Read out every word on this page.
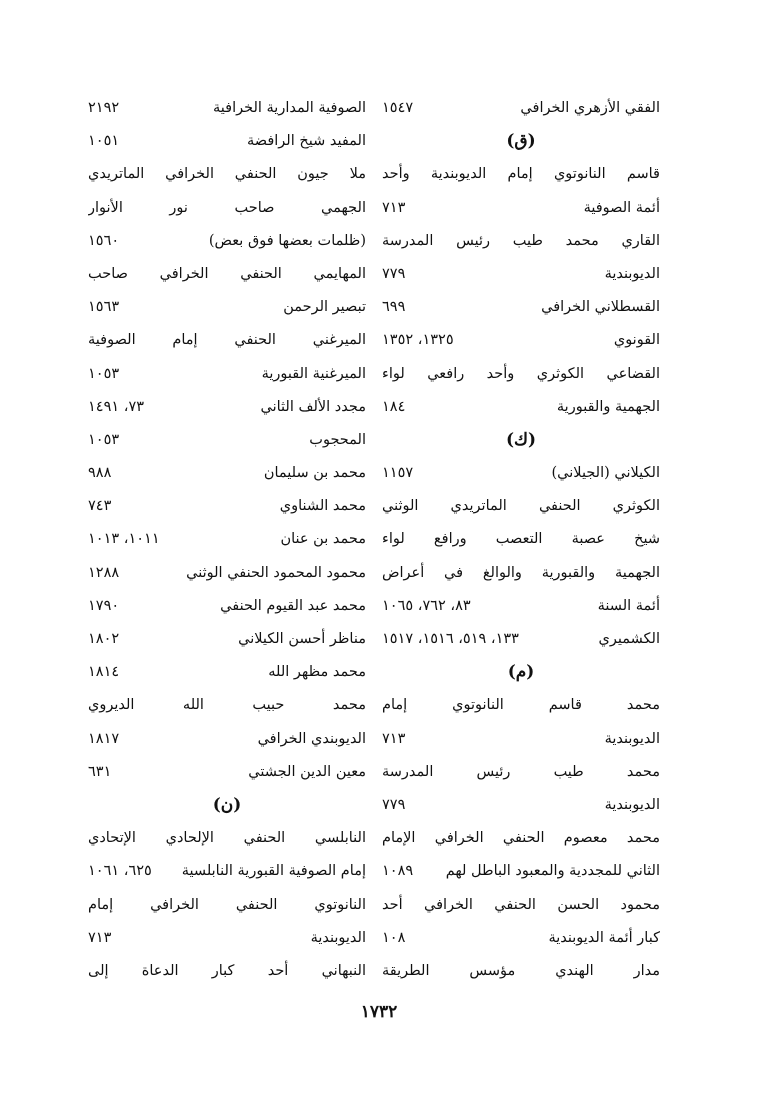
الفقي الأزهري الخرافي
١٥٤٧
(ق)
قاسم النانوتوي إمام الديوبندية وأحد
أئمة الصوفية
٧١٣
القاري محمد طيب رئيس المدرسة
الديوبندية
٧٧٩
القسطلاني الخرافي
٦٩٩
القونوي
١٣٢٥، ١٣٥٢
القضاعي الكوثري وأحد رافعي لواء
الجهمية والقبورية
١٨٤
(ك)
الكيلاني (الجيلاني)
١١٥٧
الكوثري الحنفي الماتريدي الوثني
شيخ عصبة التعصب ورافع لواء
الجهمية والقبورية والوالغ في أعراض
أئمة السنة
٨٣، ٧٦٢، ١٠٦٥
الكشميري
١٣٣، ٥١٩، ١٥١٦، ١٥١٧
(م)
محمد قاسم النانوتوي إمام
الديوبندية
٧١٣
محمد طيب رئيس المدرسة
الديوبندية
٧٧٩
محمد معصوم الحنفي الخرافي الإمام
الثاني للمجددية والمعبود الباطل لهم
١٠٨٩
محمود الحسن الحنفي الخرافي أحد
كبار أئمة الديوبندية
١٠٨
مدار الهندي مؤسس الطريقة
الصوفية المدارية الخرافية
٢١٩٢
المفيد شيخ الرافضة
١٠٥١
ملا جيون الحنفي الخرافي الماتريدي
الجهمي صاحب نور الأنوار
(ظلمات بعضها فوق بعض)
١٥٦٠
المهايمي الحنفي الخرافي صاحب
تبصير الرحمن
١٥٦٣
الميرغني الحنفي إمام الصوفية
الميرغنية القبورية
١٠٥٣
مجدد الألف الثاني
٧٣، ١٤٩١
المحجوب
١٠٥٣
محمد بن سليمان
٩٨٨
محمد الشناوي
٧٤٣
محمد بن عنان
١٠١١، ١٠١٣
محمود المحمود الحنفي الوثني
١٢٨٨
محمد عبد القيوم الحنفي
١٧٩٠
مناظر أحسن الكيلاني
١٨٠٢
محمد مظهر الله
١٨١٤
محمد حبيب الله الديروي
الديوبندي الخرافي
١٨١٧
معين الدين الجشتي
٦٣١
(ن)
النابلسي الحنفي الإلحادي الإتحادي
إمام الصوفية القبورية النابلسية
٦٢٥، ١٠٦١
النانوتوي الحنفي الخرافي إمام
الديوبندية
٧١٣
النبهاني أحد كبار الدعاة إلى
١٧٣٢
